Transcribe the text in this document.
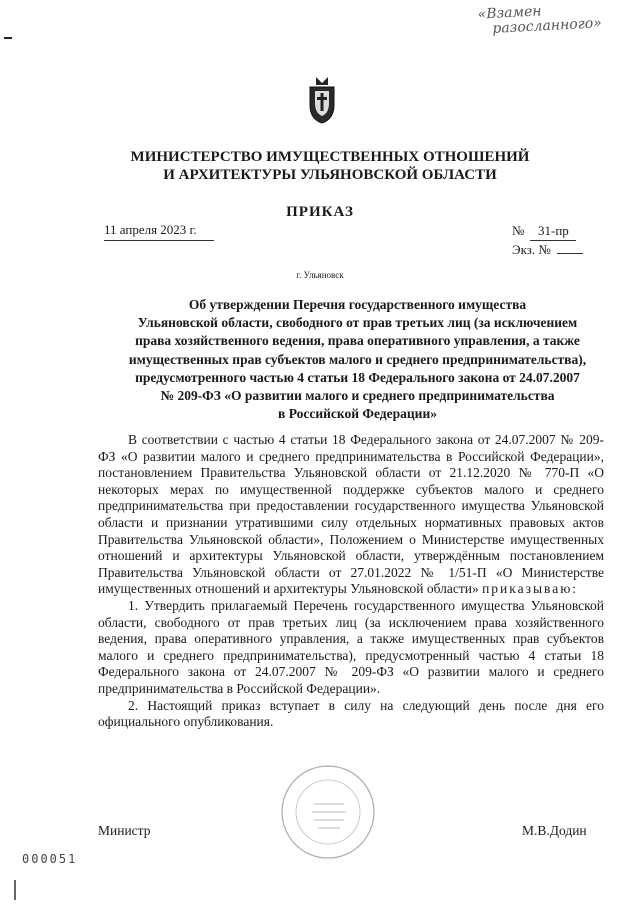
«Взамен
разосланного»
МИНИСТЕРСТВО ИМУЩЕСТВЕННЫХ ОТНОШЕНИЙ
И АРХИТЕКТУРЫ УЛЬЯНОВСКОЙ ОБЛАСТИ
ПРИКАЗ
11 апреля 2023 г.	№	31-пр
Экз. №
г. Ульяновск
Об утверждении Перечня государственного имущества
Ульяновской области, свободного от прав третьих лиц (за исключением
права хозяйственного ведения, права оперативного управления, а также
имущественных прав субъектов малого и среднего предпринимательства),
предусмотренного частью 4 статьи 18 Федерального закона от 24.07.2007
№ 209-ФЗ «О развитии малого и среднего предпринимательства
в Российской Федерации»

В соответствии с частью 4 статьи 18 Федерального закона от 24.07.2007 № 209-ФЗ «О развитии малого и среднего предпринимательства в Российской Федерации», постановлением Правительства Ульяновской области от 21.12.2020 № 770-П «О некоторых мерах по имущественной поддержке субъектов малого и среднего предпринимательства при предоставлении государственного имущества Ульяновской области и признании утратившими силу отдельных нормативных правовых актов Правительства Ульяновской области», Положением о Министерстве имущественных отношений и архитектуры Ульяновской области, утверждённым постановлением Правительства Ульяновской области от 27.01.2022 № 1/51-П «О Министерстве имущественных отношений и архитектуры Ульяновской области» приказываю:

1. Утвердить прилагаемый Перечень государственного имущества Ульяновской области, свободного от прав третьих лиц (за исключением права хозяйственного ведения, права оперативного управления, а также имущественных прав субъектов малого и среднего предпринимательства), предусмотренный частью 4 статьи 18 Федерального закона от 24.07.2007 № 209-ФЗ «О развитии малого и среднего предпринимательства в Российской Федерации».

2. Настоящий приказ вступает в силу на следующий день после дня его официального опубликования.

Министр	М.В.Додин
000051
